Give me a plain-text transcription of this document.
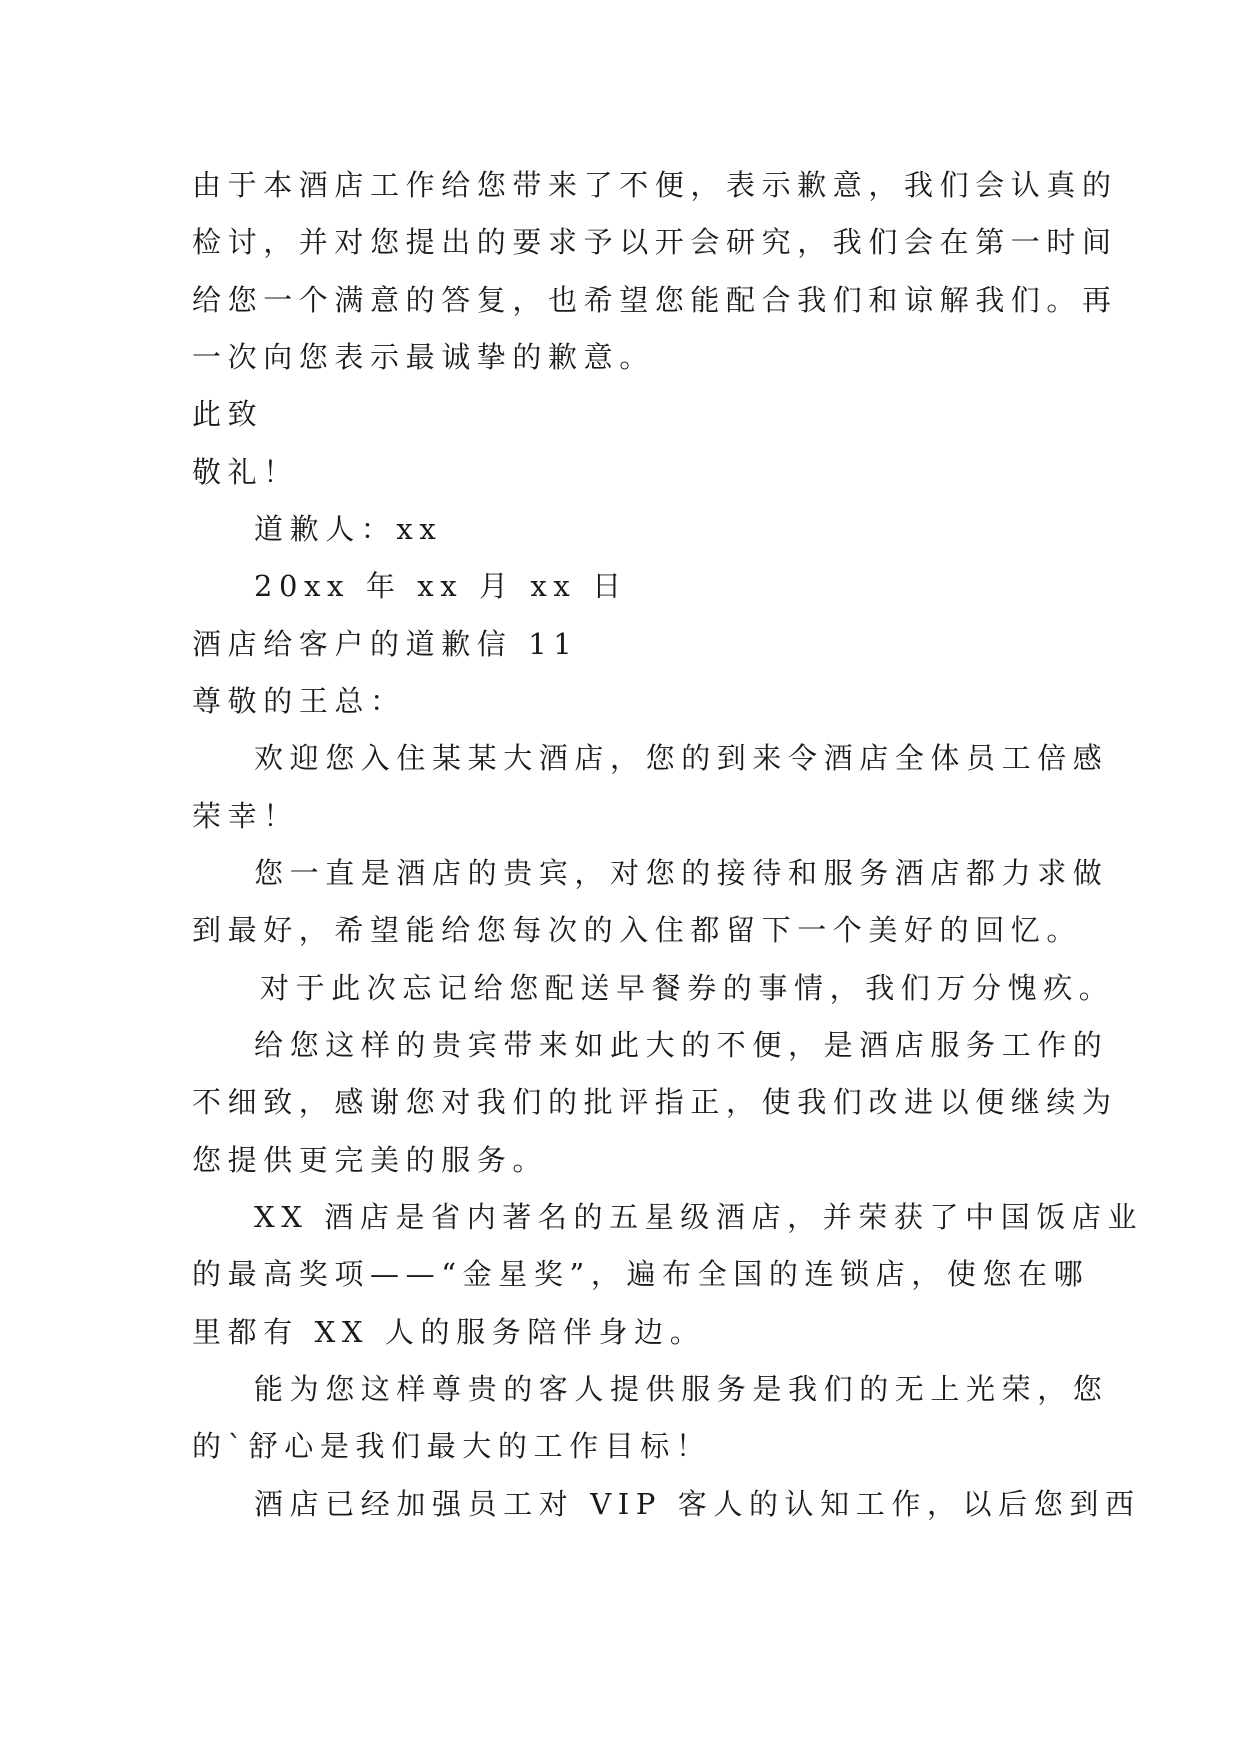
由于本酒店工作给您带来了不便，表示歉意，我们会认真的
检讨，并对您提出的要求予以开会研究，我们会在第一时间
给您一个满意的答复，也希望您能配合我们和谅解我们。再
一次向您表示最诚挚的歉意。
此致
敬礼！
道歉人：xx
20xx 年 xx 月 xx 日
酒店给客户的道歉信 11
尊敬的王总：
欢迎您入住某某大酒店，您的到来令酒店全体员工倍感
荣幸！
您一直是酒店的贵宾，对您的接待和服务酒店都力求做
到最好，希望能给您每次的入住都留下一个美好的回忆。
对于此次忘记给您配送早餐券的事情，我们万分愧疚。
给您这样的贵宾带来如此大的不便，是酒店服务工作的
不细致，感谢您对我们的批评指正，使我们改进以便继续为
您提供更完美的服务。
XX 酒店是省内著名的五星级酒店，并荣获了中国饭店业
的最高奖项——“金星奖”，遍布全国的连锁店，使您在哪
里都有 XX 人的服务陪伴身边。
能为您这样尊贵的客人提供服务是我们的无上光荣，您
的`舒心是我们最大的工作目标！
酒店已经加强员工对 VIP 客人的认知工作，以后您到西
